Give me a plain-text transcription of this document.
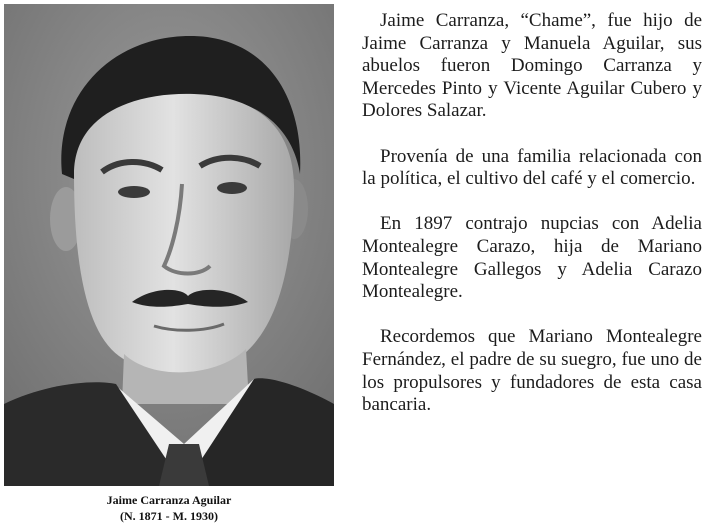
Jaime Carranza Aguilar
(N. 1871 - M. 1930)

Jaime Carranza, “Chame”, fue hijo de Jaime Carranza y Manuela Aguilar, sus abuelos fueron Domingo Carranza y Mercedes Pinto y Vicente Aguilar Cubero y Dolores Salazar.

Provenía de una familia relacionada con la política, el cultivo del café y el comercio.

En 1897 contrajo nupcias con Adelia Montealegre Carazo, hija de Mariano Montealegre Gallegos y Adelia Carazo Montealegre.

Recordemos que Mariano Montealegre Fernández, el padre de su suegro, fue uno de los propulsores y fundadores de esta casa bancaria.
